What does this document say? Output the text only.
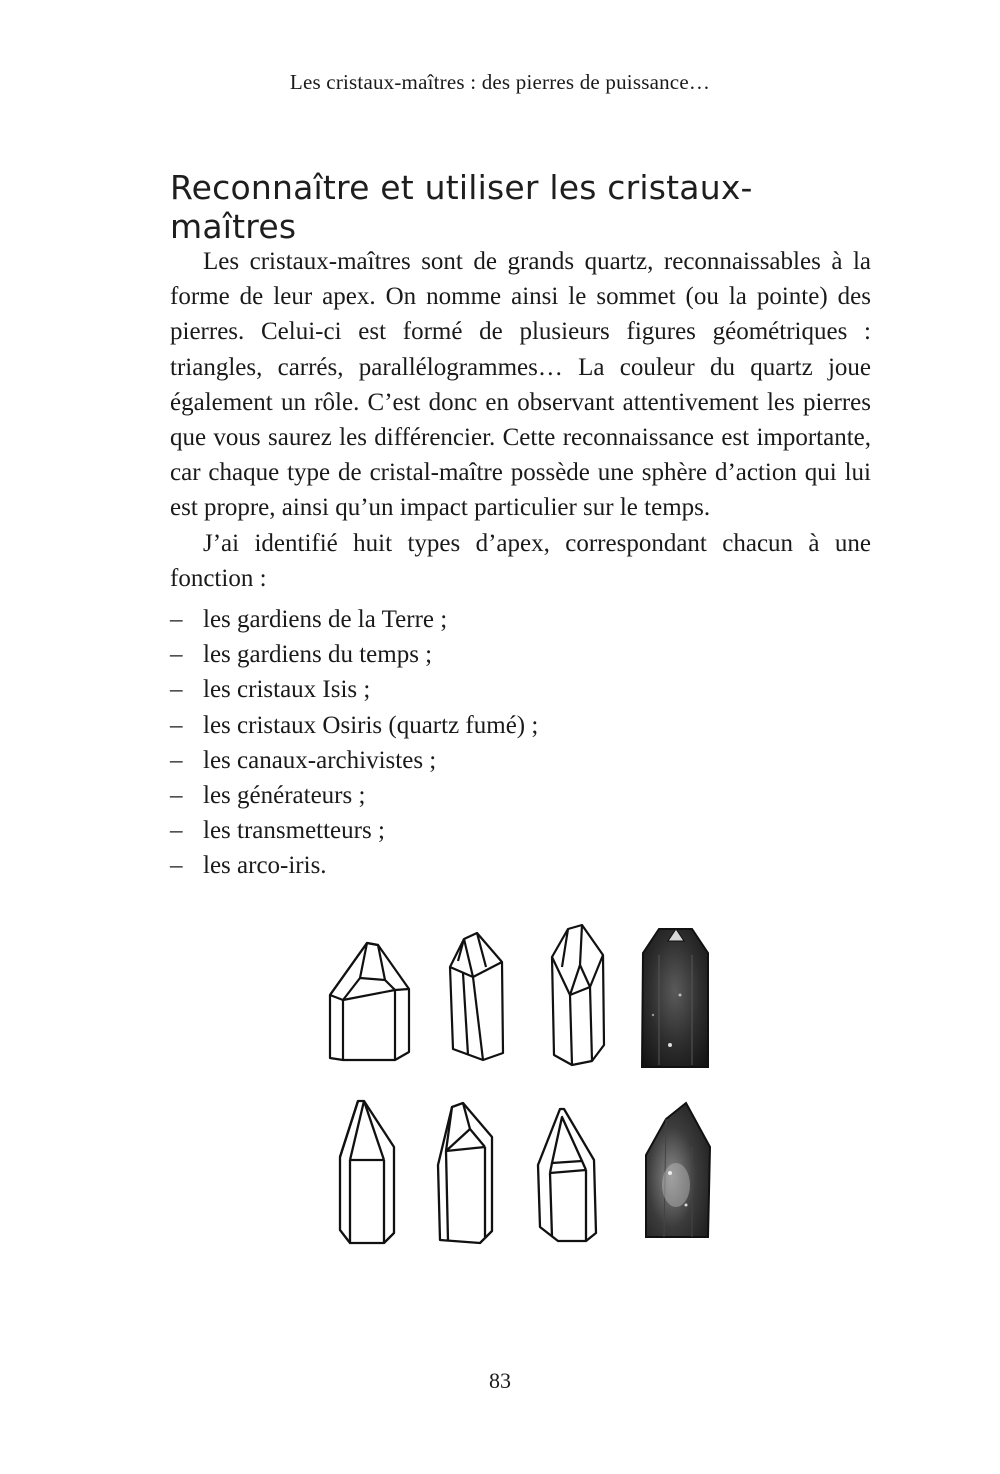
Les cristaux-maîtres : des pierres de puissance…
Reconnaître et utiliser les cristaux-maîtres

Les cristaux-maîtres sont de grands quartz, reconnaissables à la forme de leur apex. On nomme ainsi le sommet (ou la pointe) des pierres. Celui-ci est formé de plusieurs figures géométriques : triangles, carrés, parallélogrammes… La couleur du quartz joue également un rôle. C’est donc en observant attentivement les pierres que vous saurez les différencier. Cette reconnaissance est importante, car chaque type de cristal-maître possède une sphère d’action qui lui est propre, ainsi qu’un impact particulier sur le temps.

J’ai identifié huit types d’apex, correspondant chacun à une fonction :

– les gardiens de la Terre ;
– les gardiens du temps ;
– les cristaux Isis ;
– les cristaux Osiris (quartz fumé) ;
– les canaux-archivistes ;
– les générateurs ;
– les transmetteurs ;
– les arco-iris.
83
